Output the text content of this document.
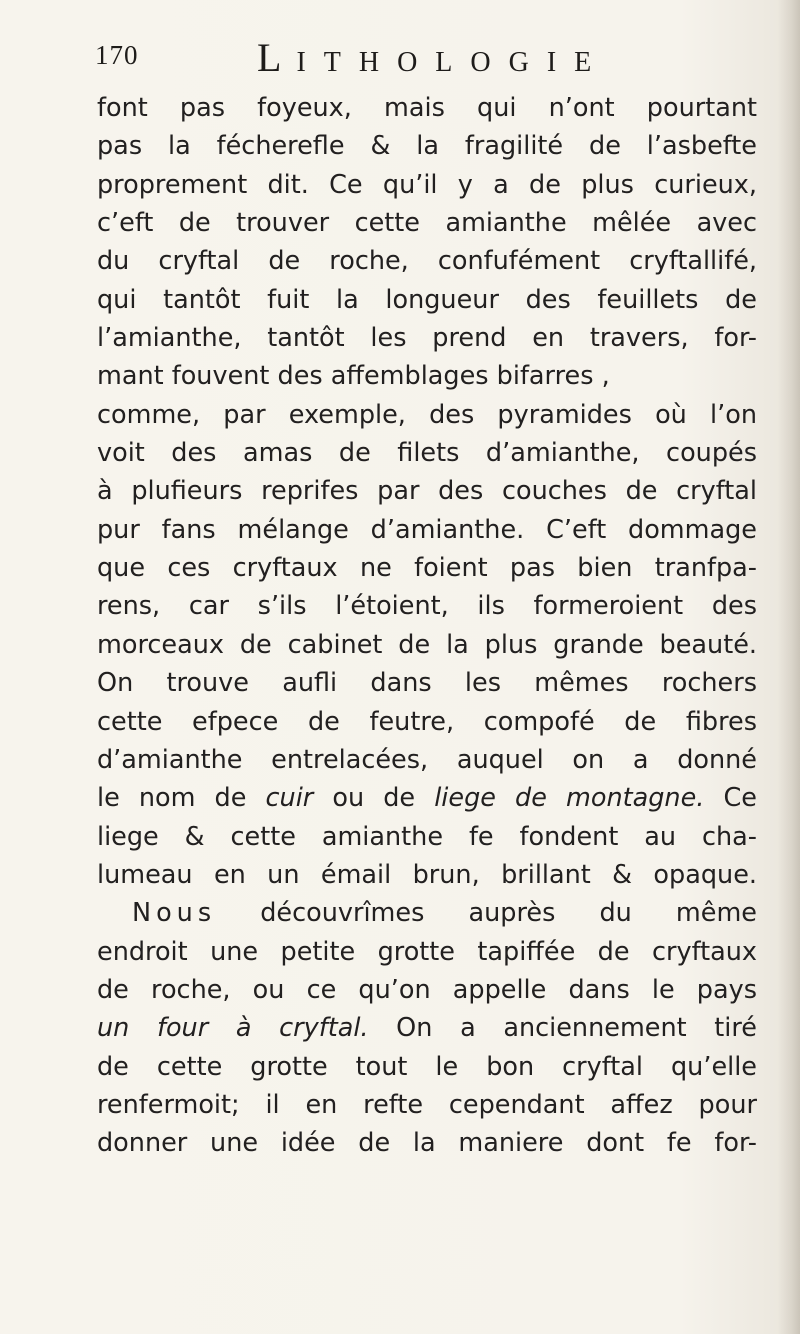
170	LITHOLOGIE
font pas foyeux, mais qui n’ont pourtant
pas la fécherefle & la fragilité de l’asbefte
proprement dit. Ce qu’il y a de plus curieux,
c’eft de trouver cette amianthe mêlée avec
du cryftal de roche, confufément cryftallifé,
qui tantôt fuit la longueur des feuillets de
l’amianthe, tantôt les prend en travers, for-
mant fouvent des affemblages bifarres ,
comme, par exemple, des pyramides où l’on
voit des amas de filets d’amianthe, coupés
à plufieurs reprifes par des couches de cryftal
pur fans mélange d’amianthe. C’eft dommage
que ces cryftaux ne foient pas bien tranfpa-
rens, car s’ils l’étoient, ils formeroient des
morceaux de cabinet de la plus grande beauté.
On trouve aufli dans les mêmes rochers
cette efpece de feutre, compofé de fibres
d’amianthe entrelacées, auquel on a donné
le nom de cuir ou de liege de montagne. Ce
liege & cette amianthe fe fondent au cha-
lumeau en un émail brun, brillant & opaque.
Nous découvrîmes auprès du même
endroit une petite grotte tapiffée de cryftaux
de roche, ou ce qu’on appelle dans le pays
un four à cryftal. On a anciennement tiré
de cette grotte tout le bon cryftal qu’elle
renfermoit; il en refte cependant affez pour
donner une idée de la maniere dont fe for-
